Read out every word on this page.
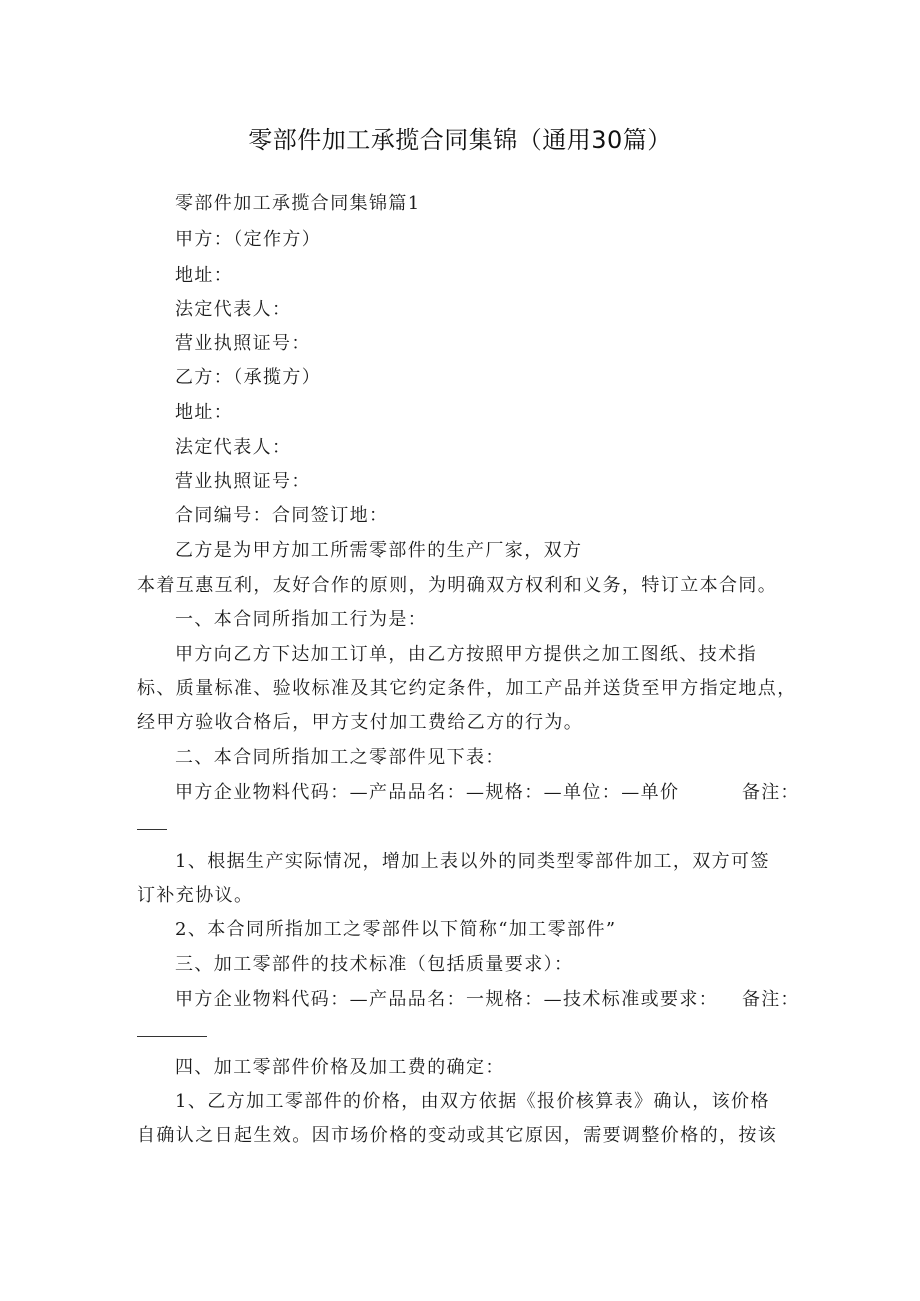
零部件加工承揽合同集锦（通用30篇）
零部件加工承揽合同集锦篇1
甲方：（定作方）
地址：
法定代表人：
营业执照证号：
乙方：（承揽方）
地址：
法定代表人：
营业执照证号：
合同编号：合同签订地：
乙方是为甲方加工所需零部件的生产厂家，双方
本着互惠互利，友好合作的原则，为明确双方权利和义务，特订立本合同。
一、本合同所指加工行为是：
甲方向乙方下达加工订单，由乙方按照甲方提供之加工图纸、技术指
标、质量标准、验收标准及其它约定条件，加工产品并送货至甲方指定地点，
经甲方验收合格后，甲方支付加工费给乙方的行为。
二、本合同所指加工之零部件见下表：
甲方企业物料代码：—产品品名：—规格：—单位：—单价	备注：
1、根据生产实际情况，增加上表以外的同类型零部件加工，双方可签
订补充协议。
2、本合同所指加工之零部件以下简称“加工零部件”
三、加工零部件的技术标准（包括质量要求）：
甲方企业物料代码：—产品品名：一规格：—技术标准或要求： 备注：
四、加工零部件价格及加工费的确定：
1、乙方加工零部件的价格，由双方依据《报价核算表》确认，该价格
自确认之日起生效。因市场价格的变动或其它原因，需要调整价格的，按该
